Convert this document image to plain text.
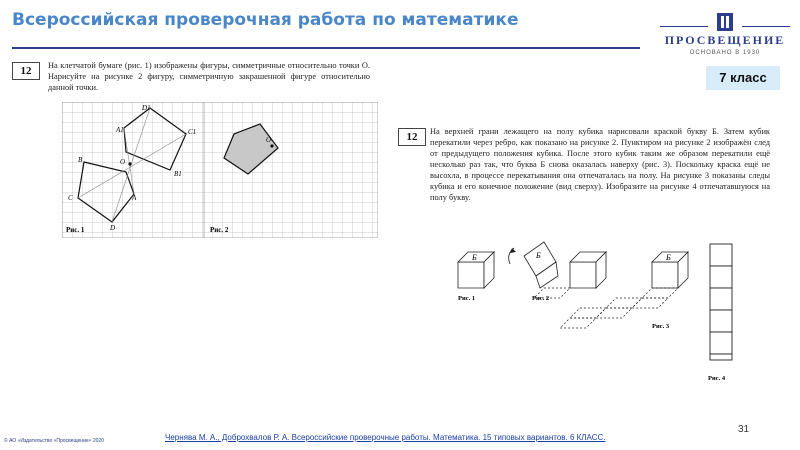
Всероссийская проверочная работа по математике
ПРОСВЕЩЕНИЕ
ОСНОВАНО В 1930
7 класс
12	На клетчатой бумаге (рис. 1) изображены фигуры, симметричные относительно точки O. Нарисуйте на рисунке 2 фигуру, симметричную закрашенной фигуре относительно данной точки.
D1
A1	C1
B	O
B1
C	A
D
Рис. 1
O
Рис. 2
12	На верхней грани лежащего на полу кубика нарисовали краской букву Б. Затем кубик перекатили через ребро, как показано на рисунке 2. Пунктиром на рисунке 2 изображён след от предыдущего положения кубика. После этого кубик таким же образом перекатили ещё несколько раз так, что буква Б снова оказалась наверху (рис. 3). Поскольку краска ещё не высохла, в процессе перекатывания она отпечаталась на полу. На рисунке 3 показаны следы кубика и его конечное положение (вид сверху). Изобразите на рисунке 4 отпечатавшуюся на полу букву.
Б
Рис. 1
Б
Рис. 2
Б
Рис. 3
Рис. 4
31
Чернява М. А., Доброхвалов Р. А. Всероссийские проверочные работы. Математика. 15 типовых вариантов. 6 КЛАСС.
© АО «Издательство «Просвещение» 2020
